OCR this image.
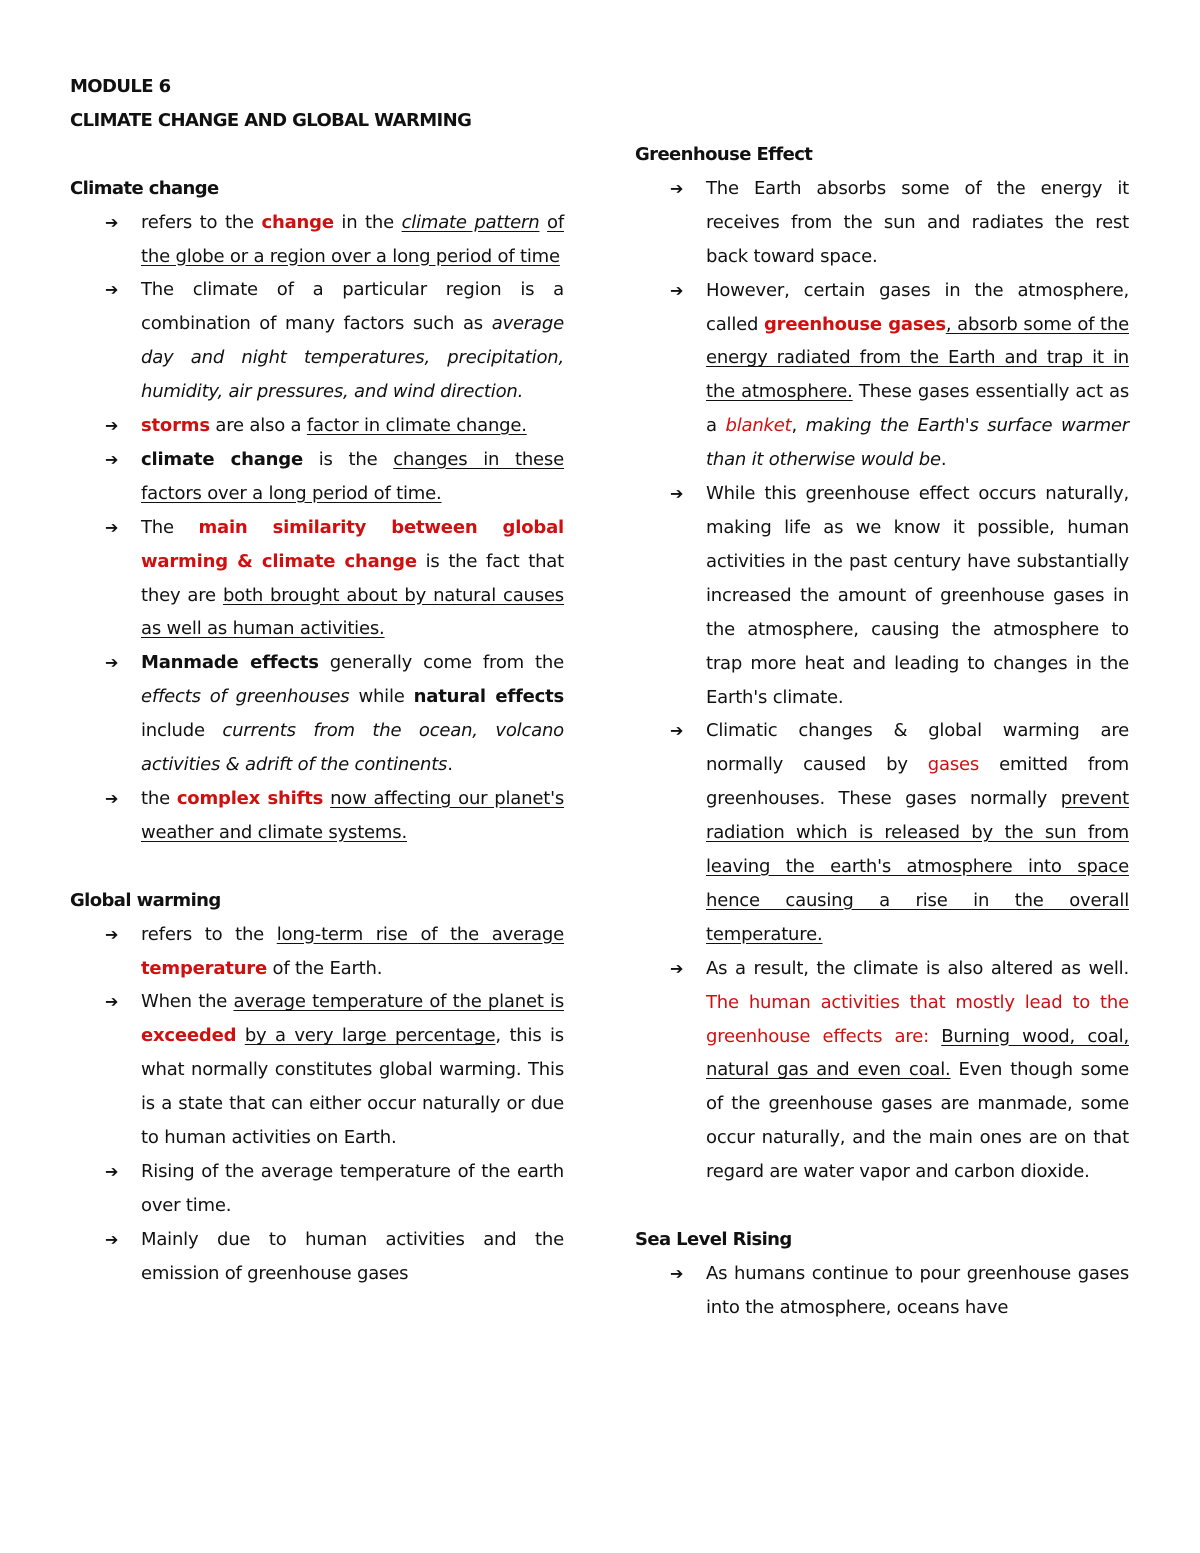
MODULE 6

CLIMATE CHANGE AND GLOBAL WARMING

Climate change

➔ refers to the change in the climate pattern of the globe or a region over a long period of time
➔ The climate of a particular region is a combination of many factors such as average day and night temperatures, precipitation, humidity, air pressures, and wind direction.
➔ storms are also a factor in climate change.
➔ climate change is the changes in these factors over a long period of time.
➔ The main similarity between global warming & climate change is the fact that they are both brought about by natural causes as well as human activities.
➔ Manmade effects generally come from the effects of greenhouses while natural effects include currents from the ocean, volcano activities & adrift of the continents.
➔ the complex shifts now affecting our planet's weather and climate systems.

Global warming

➔ refers to the long-term rise of the average temperature of the Earth.
➔ When the average temperature of the planet is exceeded by a very large percentage, this is what normally constitutes global warming. This is a state that can either occur naturally or due to human activities on Earth.
➔ Rising of the average temperature of the earth over time.
➔ Mainly due to human activities and the emission of greenhouse gases

Greenhouse Effect

➔ The Earth absorbs some of the energy it receives from the sun and radiates the rest back toward space.
➔ However, certain gases in the atmosphere, called greenhouse gases, absorb some of the energy radiated from the Earth and trap it in the atmosphere. These gases essentially act as a blanket, making the Earth's surface warmer than it otherwise would be.
➔ While this greenhouse effect occurs naturally, making life as we know it possible, human activities in the past century have substantially increased the amount of greenhouse gases in the atmosphere, causing the atmosphere to trap more heat and leading to changes in the Earth's climate.
➔ Climatic changes & global warming are normally caused by gases emitted from greenhouses. These gases normally prevent radiation which is released by the sun from leaving the earth's atmosphere into space hence causing a rise in the overall temperature.
➔ As a result, the climate is also altered as well. The human activities that mostly lead to the greenhouse effects are: Burning wood, coal, natural gas and even coal. Even though some of the greenhouse gases are manmade, some occur naturally, and the main ones are on that regard are water vapor and carbon dioxide.

Sea Level Rising

➔ As humans continue to pour greenhouse gases into the atmosphere, oceans have
